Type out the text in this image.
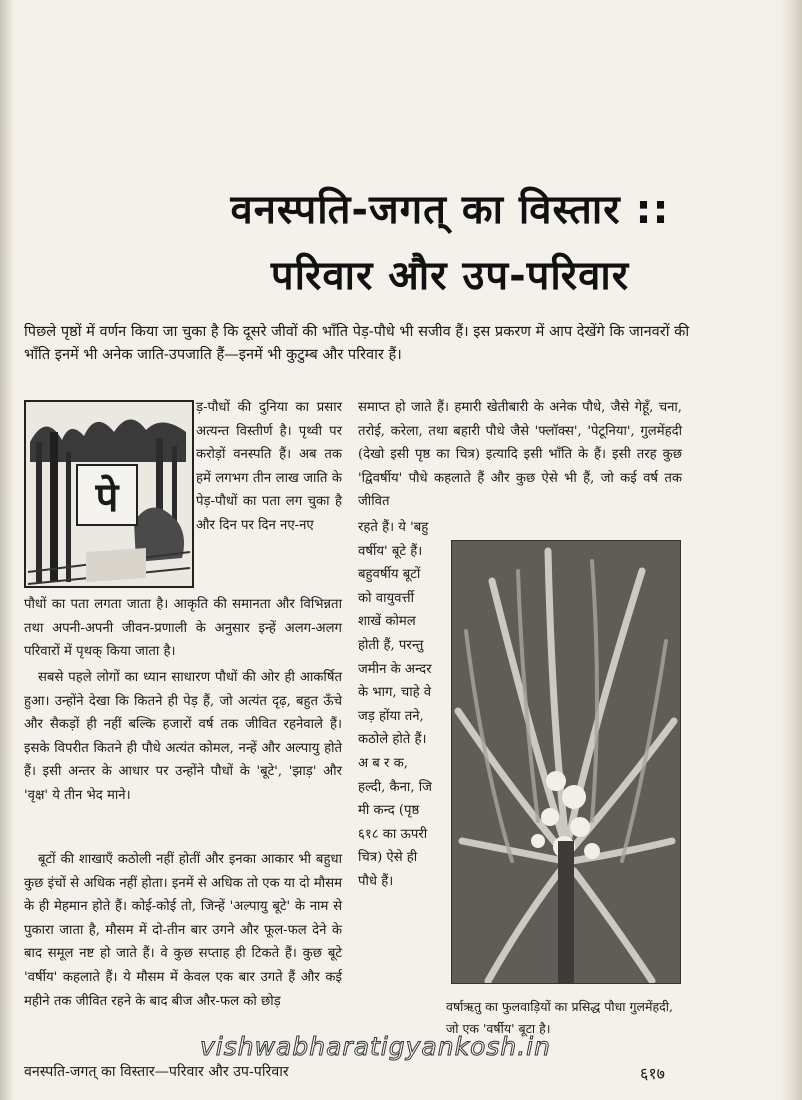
वनस्पति-जगत् का विस्तार ::
परिवार और उप-परिवार

पिछले पृष्ठों में वर्णन किया जा चुका है कि दूसरे जीवों की भाँति पेड़-पौधे भी सजीव हैं। इस प्रकरण में आप देखेंगे कि जानवरों की भाँति इनमें भी अनेक जाति-उपजाति हैं—इनमें भी कुटुम्ब और परिवार हैं।

पे

ड़-पौधों की दुनिया का प्रसार अत्यन्त विस्तीर्ण है। पृथ्वी पर करोड़ों वनस्पति हैं। अब तक हमें लगभग तीन लाख जाति के पेड़-पौधों का पता लग चुका है और दिन पर दिन नए-नए

पौधों का पता लगता जाता है। आकृति की समानता और विभिन्नता तथा अपनी-अपनी जीवन-प्रणाली के अनुसार इन्हें अलग-अलग परिवारों में पृथक् किया जाता है।

सबसे पहले लोगों का ध्यान साधारण पौधों की ओर ही आकर्षित हुआ। उन्होंने देखा कि कितने ही पेड़ हैं, जो अत्यंत दृढ़, बहुत ऊँचे और सैकड़ों ही नहीं बल्कि हजारों वर्ष तक जीवित रहनेवाले हैं। इसके विपरीत कितने ही पौधे अत्यंत कोमल, नन्हें और अल्पायु होते हैं। इसी अन्तर के आधार पर उन्होंने पौधों के 'बूटे', 'झाड़' और 'वृक्ष' ये तीन भेद माने।

बूटों की शाखाएँ कठोली नहीं होतीं और इनका आकार भी बहुधा कुछ इंचों से अधिक नहीं होता। इनमें से अधिक तो एक या दो मौसम के ही मेहमान होते हैं। कोई-कोई तो, जिन्हें 'अल्पायु बूटे' के नाम से पुकारा जाता है, मौसम में दो-तीन बार उगने और फूल-फल देने के बाद समूल नष्ट हो जाते हैं। वे कुछ सप्ताह ही टिकते हैं। कुछ बूटे 'वर्षीय' कहलाते हैं। ये मौसम में केवल एक बार उगते हैं और कई महीने तक जीवित रहने के बाद बीज और-फल को छोड़

समाप्त हो जाते हैं। हमारी खेतीबारी के अनेक पौधे, जैसे गेहूँ, चना, तरोई, करेला, तथा बहारी पौधे जैसे 'फ्लॉक्स', 'पेटूनिया', गुलमेंहदी (देखो इसी पृष्ठ का चित्र) इत्यादि इसी भाँति के हैं। इसी तरह कुछ 'द्विवर्षीय' पौधे कहलाते हैं और कुछ ऐसे भी हैं, जो कई वर्ष तक जीवित

रहते हैं। ये 'बहु वर्षीय' बूटे हैं। बहुवर्षीय बूटों को वायुवर्त्ती शाखें कोमल होती हैं, परन्तु जमीन के अन्दर के भाग, चाहे वे जड़ होंया तने, कठोले होते हैं। अ ब र क, हल्दी, कैना, जि मी कन्द (पृष्ठ ६१८ का ऊपरी चित्र) ऐसे ही पौधे हैं।

वर्षाऋतु का फुलवाड़ियों का प्रसिद्ध पौधा गुलमेंहदी, जो एक 'वर्षीय' बूटा है।

vishwabharatigyankosh.in

वनस्पति-जगत् का विस्तार—परिवार और उप-परिवार	६१७
